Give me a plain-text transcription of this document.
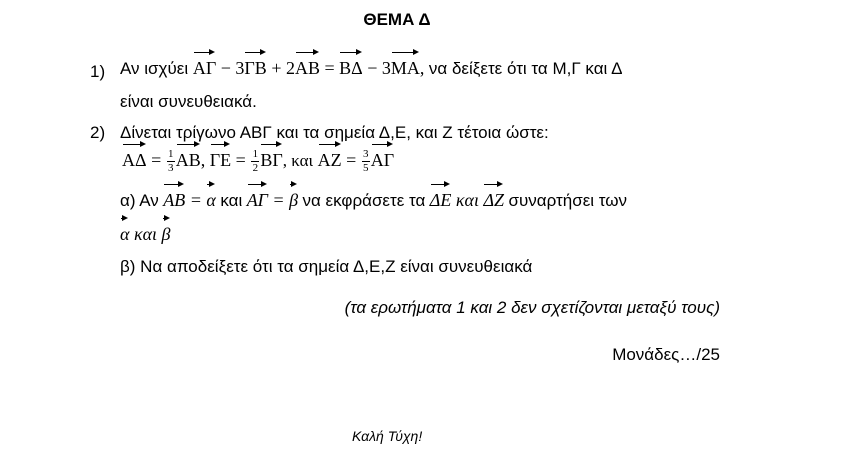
ΘΕΜΑ Δ
1) Αν ισχύει ΑΓ − 3ΓΒ + 2ΑΒ = ΒΔ − 3ΜΑ, να δείξετε ότι τα Μ,Γ και Δ
είναι συνευθειακά.
2) Δίνεται τρίγωνο ΑΒΓ και τα σημεία Δ,Ε, και Ζ τέτοια ώστε:
$A\Delta = \frac{1}{3} AB$, $\Gamma E = \frac{1}{2} B\Gamma$, και $AZ = \frac{3}{5}$ ΑΓ
α) Αν AB = α και ΑΓ = β να εκφράσετε τα ΔΕ και ΔΖ συναρτήσει των
α και β
β) Να αποδείξετε ότι τα σημεία Δ,Ε,Ζ είναι συνευθειακά
(τα ερωτήματα 1 και 2 δεν σχετίζονται μεταξύ τους)
Μονάδες…/25
Καλή Τύχη!
